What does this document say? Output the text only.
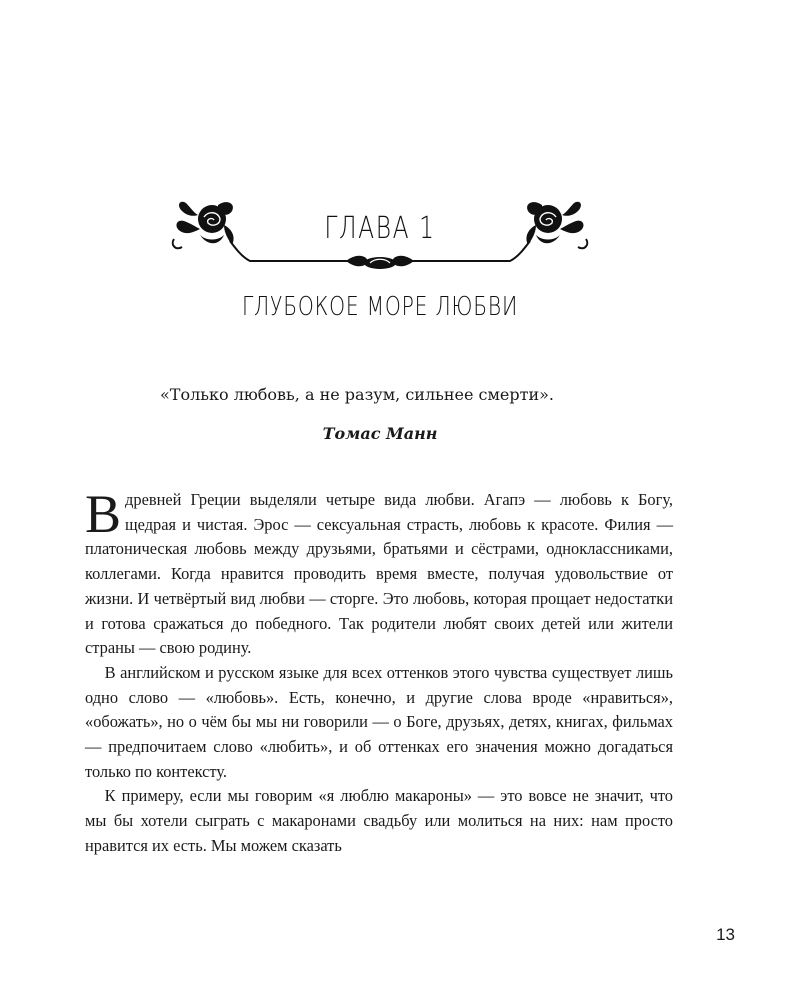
ГЛАВА 1
ГЛУБОКОЕ МОРЕ ЛЮБВИ
«Только любовь, а не разум, сильнее смерти».
Томас Манн

В древней Греции выделяли четыре вида любви. Агапэ — любовь к Богу, щедрая и чистая. Эрос — сексуальная страсть, любовь к красоте. Филия — платоническая любовь между друзьями, братьями и сёстрами, одноклассниками, коллегами. Когда нравится проводить время вместе, получая удовольствие от жизни. И четвёртый вид любви — сторге. Это любовь, которая прощает недостатки и готова сражаться до победного. Так родители любят своих детей или жители страны — свою родину.

В английском и русском языке для всех оттенков этого чувства существует лишь одно слово — «любовь». Есть, конечно, и другие слова вроде «нравиться», «обожать», но о чём бы мы ни говорили — о Боге, друзьях, детях, книгах, фильмах — предпочитаем слово «любить», и об оттенках его значения можно догадаться только по контексту.

К примеру, если мы говорим «я люблю макароны» — это вовсе не значит, что мы бы хотели сыграть с макаронами свадьбу или молиться на них: нам просто нравится их есть. Мы можем сказать

13
